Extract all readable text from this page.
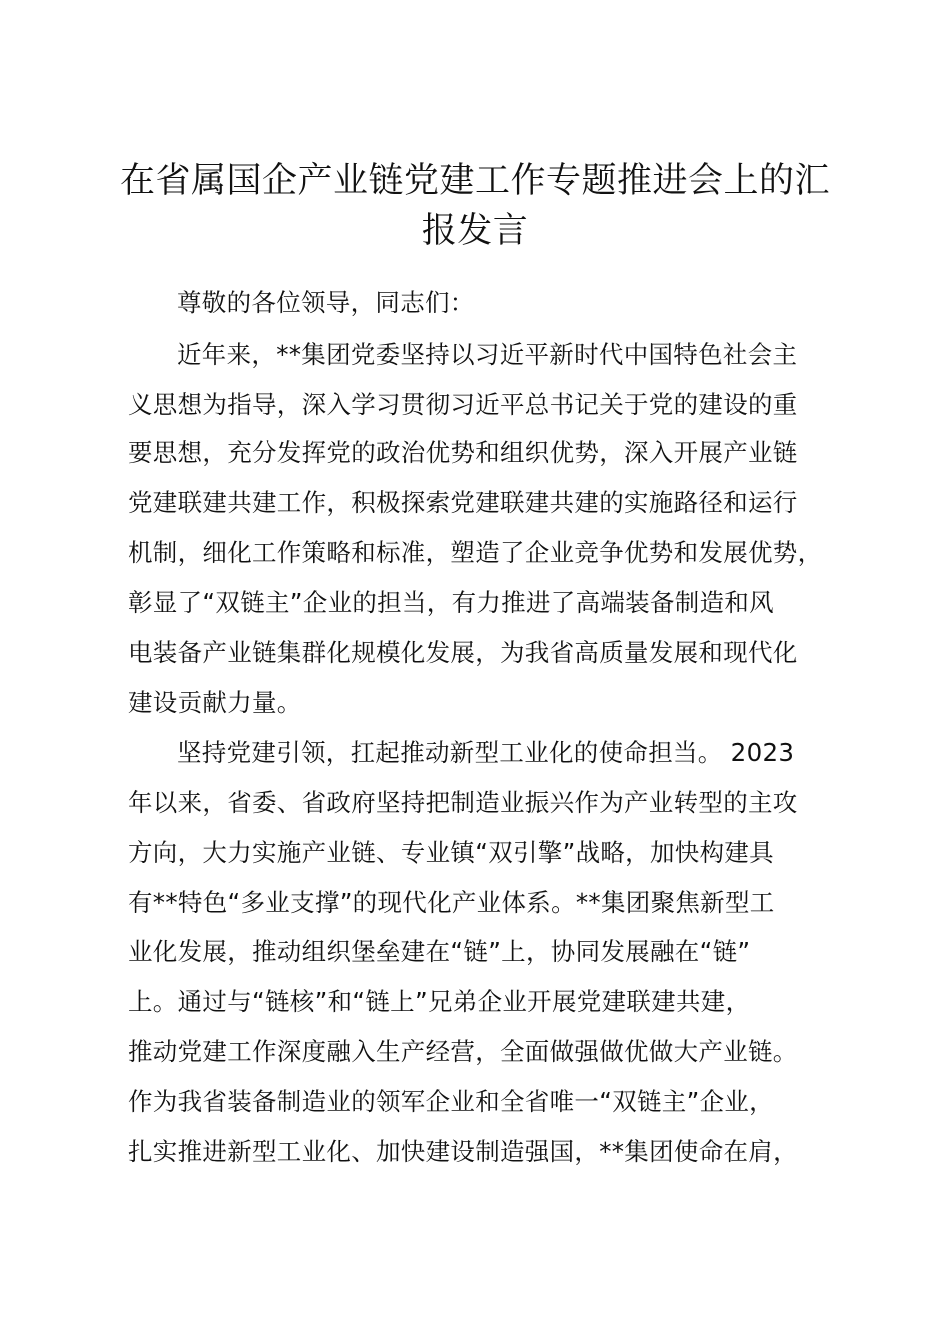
在省属国企产业链党建工作专题推进会上的汇
报发言

尊敬的各位领导，同志们：

近年来，**集团党委坚持以习近平新时代中国特色社会主

义思想为指导，深入学习贯彻习近平总书记关于党的建设的重

要思想，充分发挥党的政治优势和组织优势，深入开展产业链

党建联建共建工作，积极探索党建联建共建的实施路径和运行

机制，细化工作策略和标准，塑造了企业竞争优势和发展优势，

彰显了“双链主”企业的担当，有力推进了高端装备制造和风

电装备产业链集群化规模化发展，为我省高质量发展和现代化

建设贡献力量。

坚持党建引领，扛起推动新型工业化的使命担当。 2023

年以来，省委、省政府坚持把制造业振兴作为产业转型的主攻

方向，大力实施产业链、专业镇“双引擎”战略，加快构建具

有**特色“多业支撑”的现代化产业体系。**集团聚焦新型工

业化发展，推动组织堡垒建在“链”上，协同发展融在“链”

上。通过与“链核”和“链上”兄弟企业开展党建联建共建，

推动党建工作深度融入生产经营，全面做强做优做大产业链。

作为我省装备制造业的领军企业和全省唯一“双链主”企业，

扎实推进新型工业化、加快建设制造强国，**集团使命在肩，
